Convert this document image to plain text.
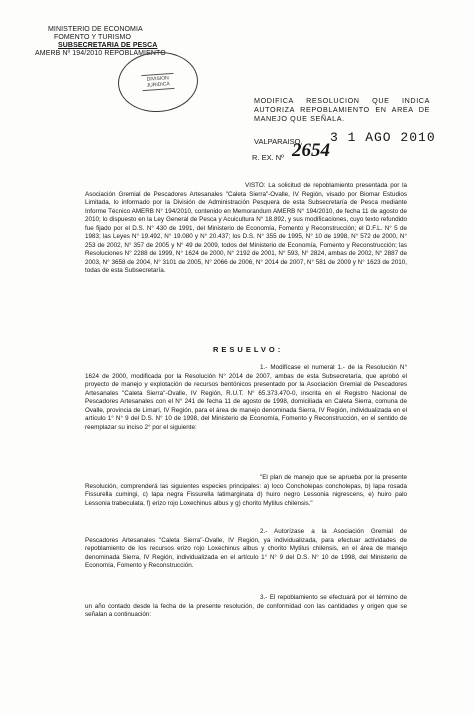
MINISTERIO DE ECONOMIA
FOMENTO Y TURISMO
SUBSECRETARIA DE PESCA
AMERB Nº 194/2010 REPOBLAMIENTO
DIVISION
JURIDICA
MODIFICA RESOLUCION QUE INDICA AUTORIZA REPOBLAMIENTO EN AREA DE MANEJO QUE SEÑALA.
VALPARAISO, 3 1 AGO 2010
R. EX. Nº 2654
VISTO: La solicitud de repoblamiento presentada por la Asociación Gremial de Pescadores Artesanales "Caleta Sierra"-Ovalle, IV Región, visado por Biomar Estudios Limitada, lo informado por la División de Administración Pesquera de esta Subsecretaría de Pesca mediante Informe Técnico AMERB N° 194/2010, contenido en Memorandum AMERB N° 194/2010, de fecha 11 de agosto de 2010; lo dispuesto en la Ley General de Pesca y Acuicultura N° 18.892, y sus modificaciones, cuyo texto refundido fue fijado por el D.S. N° 430 de 1991, del Ministerio de Economía, Fomento y Reconstrucción; el D.F.L. N° 5 de 1983; las Leyes N° 19.492, N° 19.080 y N° 20.437; los D.S. N° 355 de 1995, N° 10 de 1998, N° 572 de 2000, N° 253 de 2002, N° 357 de 2005 y N° 49 de 2009, todos del Ministerio de Economía, Fomento y Reconstrucción; las Resoluciones N° 2288 de 1999, N° 1624 de 2000, N° 2192 de 2001, N° 593, N° 2824, ambas de 2002, N° 2887 de 2003, N° 3658 de 2004, N° 3101 de 2005, N° 2066 de 2006, N° 2014 de 2007, N° 581 de 2009 y N° 1623 de 2010, todas de esta Subsecretaría.
RESUELVO:
1.- Modifícase el numeral 1.- de la Resolución N° 1624 de 2000, modificada por la Resolución N° 2014 de 2007, ambas de esta Subsecretaría, que aprobó el proyecto de manejo y explotación de recursos bentónicos presentado por la Asociación Gremial de Pescadores Artesanales "Caleta Sierra"-Ovalle, IV Región, R.U.T. N° 65.373.470-0, inscrita en el Registro Nacional de Pescadores Artesanales con el N° 241 de fecha 11 de agosto de 1998, domiciliada en Caleta Sierra, comuna de Ovalle, provincia de Limarí, IV Región, para el área de manejo denominada Sierra, IV Región, individualizada en el artículo 1° N° 9 del D.S. N° 10 de 1998, del Ministerio de Economía, Fomento y Reconstrucción, en el sentido de reemplazar su inciso 2° por el siguiente:
"El plan de manejo que se aprueba por la presente Resolución, comprenderá las siguientes especies principales: a) loco Concholepas concholepas, b) lapa rosada Fissurella cumingi, c) lapa negra Fissurella latimarginata d) huiro negro Lessonia nigrescens, e) huiro palo Lessonia trabeculata, f) erizo rojo Loxechinus albus y g) chorito Mytilus chilensis."
2.- Autorízase a la Asociación Gremial de Pescadores Artesanales "Caleta Sierra"-Ovalle, IV Región, ya individualizada, para efectuar actividades de repoblamiento de los recursos erizo rojo Loxechinus albus y chorito Mytilus chilensis, en el área de manejo denominada Sierra, IV Región, individualizada en el artículo 1° N° 9 del D.S. N° 10 de 1998, del Ministerio de Economía, Fomento y Reconstrucción.
3.- El repoblamiento se efectuará por el término de un año contado desde la fecha de la presente resolución, de conformidad con las cantidades y origen que se señalan a continuación:
